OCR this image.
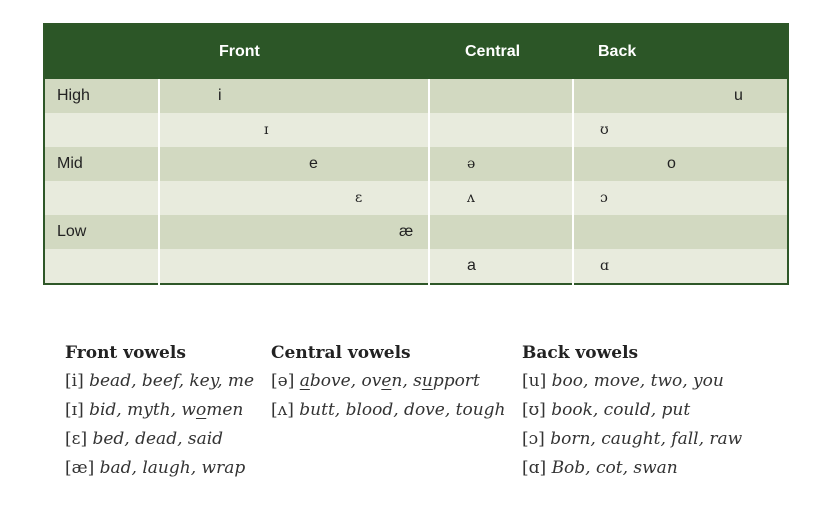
	Front	Central	Back
High	i		u
	ɪ		ʊ
Mid	e	ə	o
	ɛ	ʌ	ɔ
Low	æ		
		a	ɑ
Front vowels
[i] bead, beef, key, me
[ɪ] bid, myth, women
[ɛ] bed, dead, said
[æ] bad, laugh, wrap
Central vowels
[ə] above, oven, support
[ʌ] butt, blood, dove, tough
Back vowels
[u] boo, move, two, you
[ʊ] book, could, put
[ɔ] born, caught, fall, raw
[ɑ] Bob, cot, swan
